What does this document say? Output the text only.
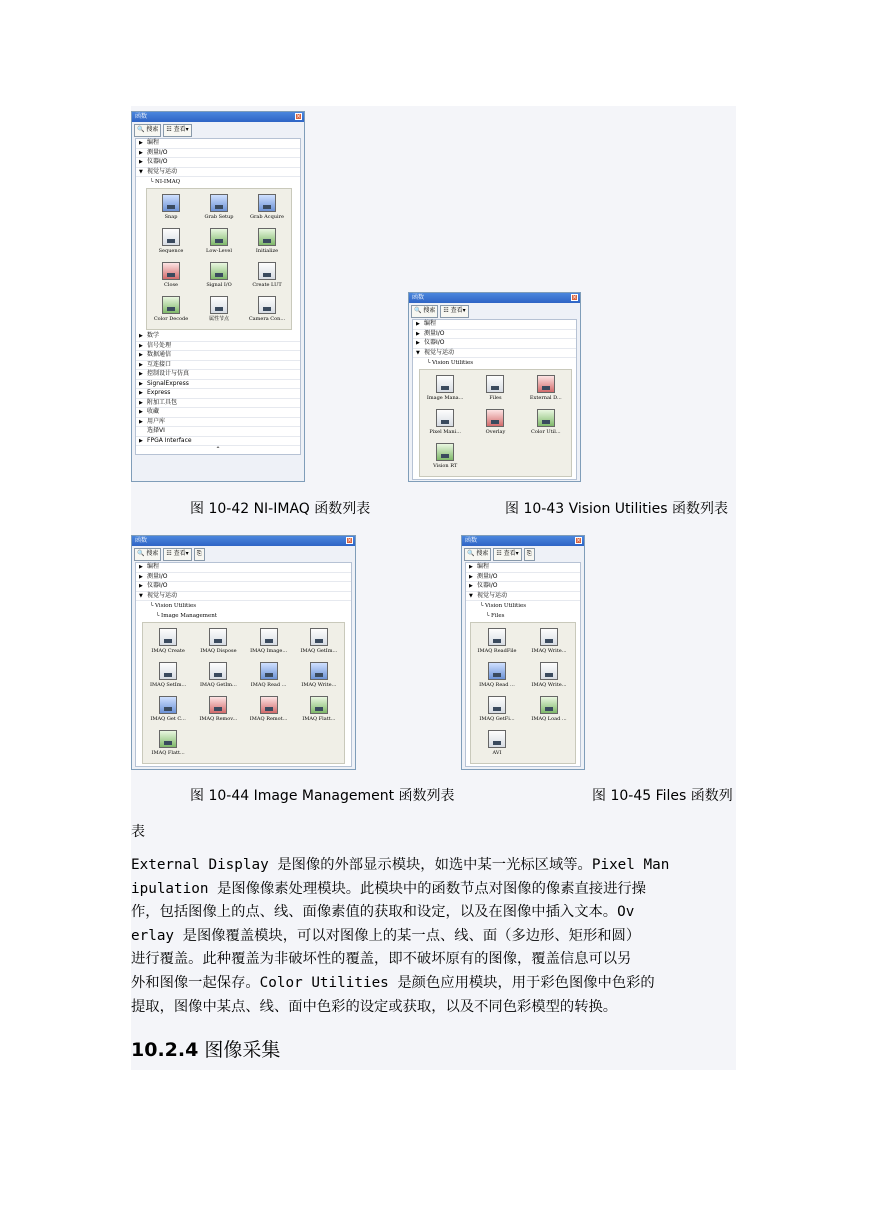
函数	×
🔍 搜索	☷ 查看▾
▶ 编程
▶ 测量I/O
▶ 仪器I/O
▼ 视觉与运动
└ NI-IMAQ
Snap	Grab Setup	Grab Acquire
Sequence	Low-Level	Initialize
Close	Signal I/O	Create LUT
Color Decode	属性节点	Camera Con...
▶ 数学
▶ 信号处理
▶ 数据通信
▶ 互连接口
▶ 控制设计与仿真
▶ SignalExpress
▶ Express
▶ 附加工具包
▶ 收藏
▶ 用户库
选择VI
▶ FPGA Interface
⌃
函数	×
🔍 搜索	☷ 查看▾
▶ 编程
▶ 测量I/O
▶ 仪器I/O
▼ 视觉与运动
└ Vision Utilities
Image Mana...	Files	External D...
Pixel Mani...	Overlay	Color Util...
Vision RT
图 10-42 NI-IMAQ 函数列表	图 10-43 Vision Utilities 函数列表
函数	×
🔍 搜索	☷ 查看▾	⎘
▶ 编程
▶ 测量I/O
▶ 仪器I/O
▼ 视觉与运动
└ Vision Utilities
└ Image Management
IMAQ Create	IMAQ Dispose	IMAQ Image...	IMAQ GetIm...
IMAQ SetIm...	IMAQ GetIm...	IMAQ Read ...	IMAQ Write...
IMAQ Get C...	IMAQ Remov... IMAQ Remot...	IMAQ Flatt...
IMAQ Flatt...
函数	×
🔍 搜索	☷ 查看▾	⎘
▶ 编程
▶ 测量I/O
▶ 仪器I/O
▼ 视觉与运动
└ Vision Utilities
└ Files
IMAQ ReadFile	IMAQ Write...
IMAQ Read ...	IMAQ Write...
IMAQ GetFi...	IMAQ Load ...
AVI
图 10-44 Image Management 函数列表	图 10-45 Files 函数列
表
External Display 是图像的外部显示模块，如选中某一光标区域等。Pixel Man
ipulation 是图像像素处理模块。此模块中的函数节点对图像的像素直接进行操
作，包括图像上的点、线、面像素值的获取和设定，以及在图像中插入文本。Ov
erlay 是图像覆盖模块，可以对图像上的某一点、线、面（多边形、矩形和圆）
进行覆盖。此种覆盖为非破坏性的覆盖，即不破坏原有的图像，覆盖信息可以另
外和图像一起保存。Color Utilities 是颜色应用模块，用于彩色图像中色彩的
提取，图像中某点、线、面中色彩的设定或获取，以及不同色彩模型的转换。
10.2.4 图像采集
